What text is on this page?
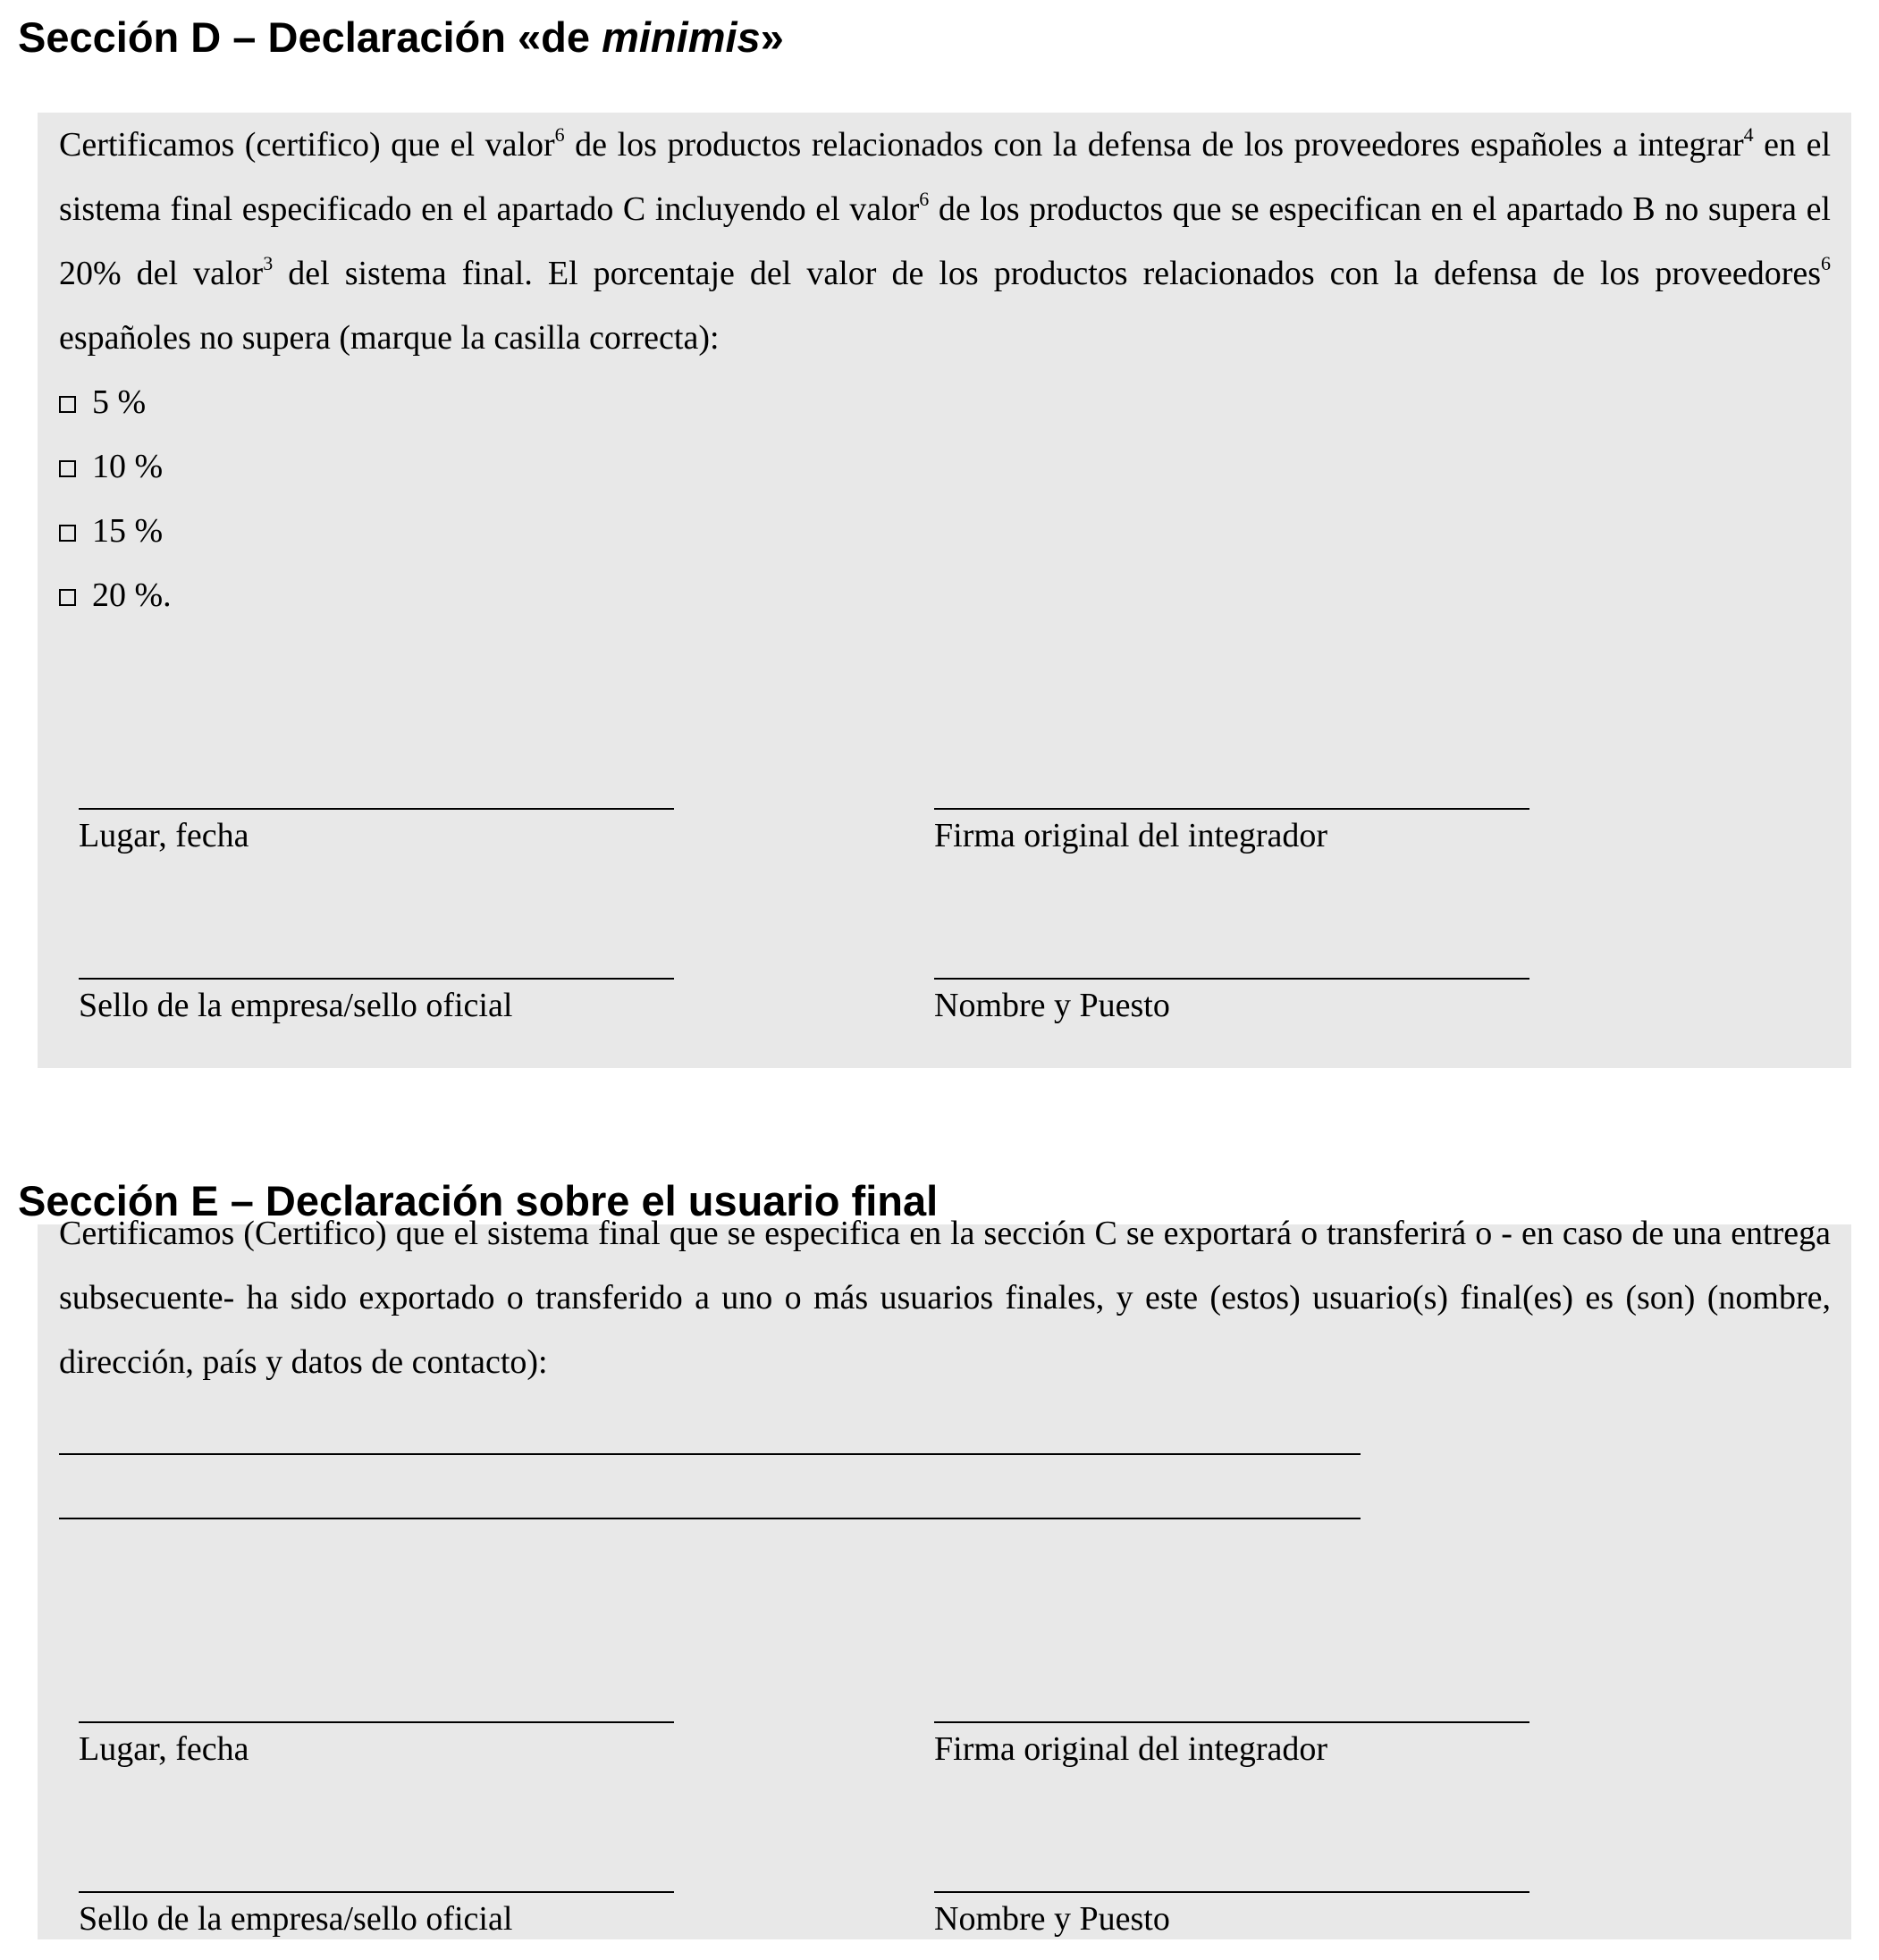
Sección D – Declaración «de minimis»

Certificamos (certifico) que el valor$^6$ de los productos relacionados con la defensa de los proveedores españoles a integrar$^4$ en el sistema final especificado en el apartado C incluyendo el valor$^6$ de los productos que se especifican en el apartado B no supera el 20% del valor$^3$ del sistema final. El porcentaje del valor de los productos relacionados con la defensa de los proveedores$^6$ españoles no supera (marque la casilla correcta):

5 %
10 %
15 %
20 %.
Lugar, fecha	Firma original del integrador
Sello de la empresa/sello oficial	Nombre y Puesto

Certificamos (Certifico) que el sistema final que se especifica en la sección C se exportará o transferirá o - en caso de una entrega subsecuente- ha sido exportado o transferido a uno o más usuarios finales, y este (estos) usuario(s) final(es) es (son) (nombre, dirección, país y datos de contacto):

Lugar, fecha	Firma original del integrador
Sello de la empresa/sello oficial	Nombre y Puesto
Sección E – Declaración sobre el usuario final
